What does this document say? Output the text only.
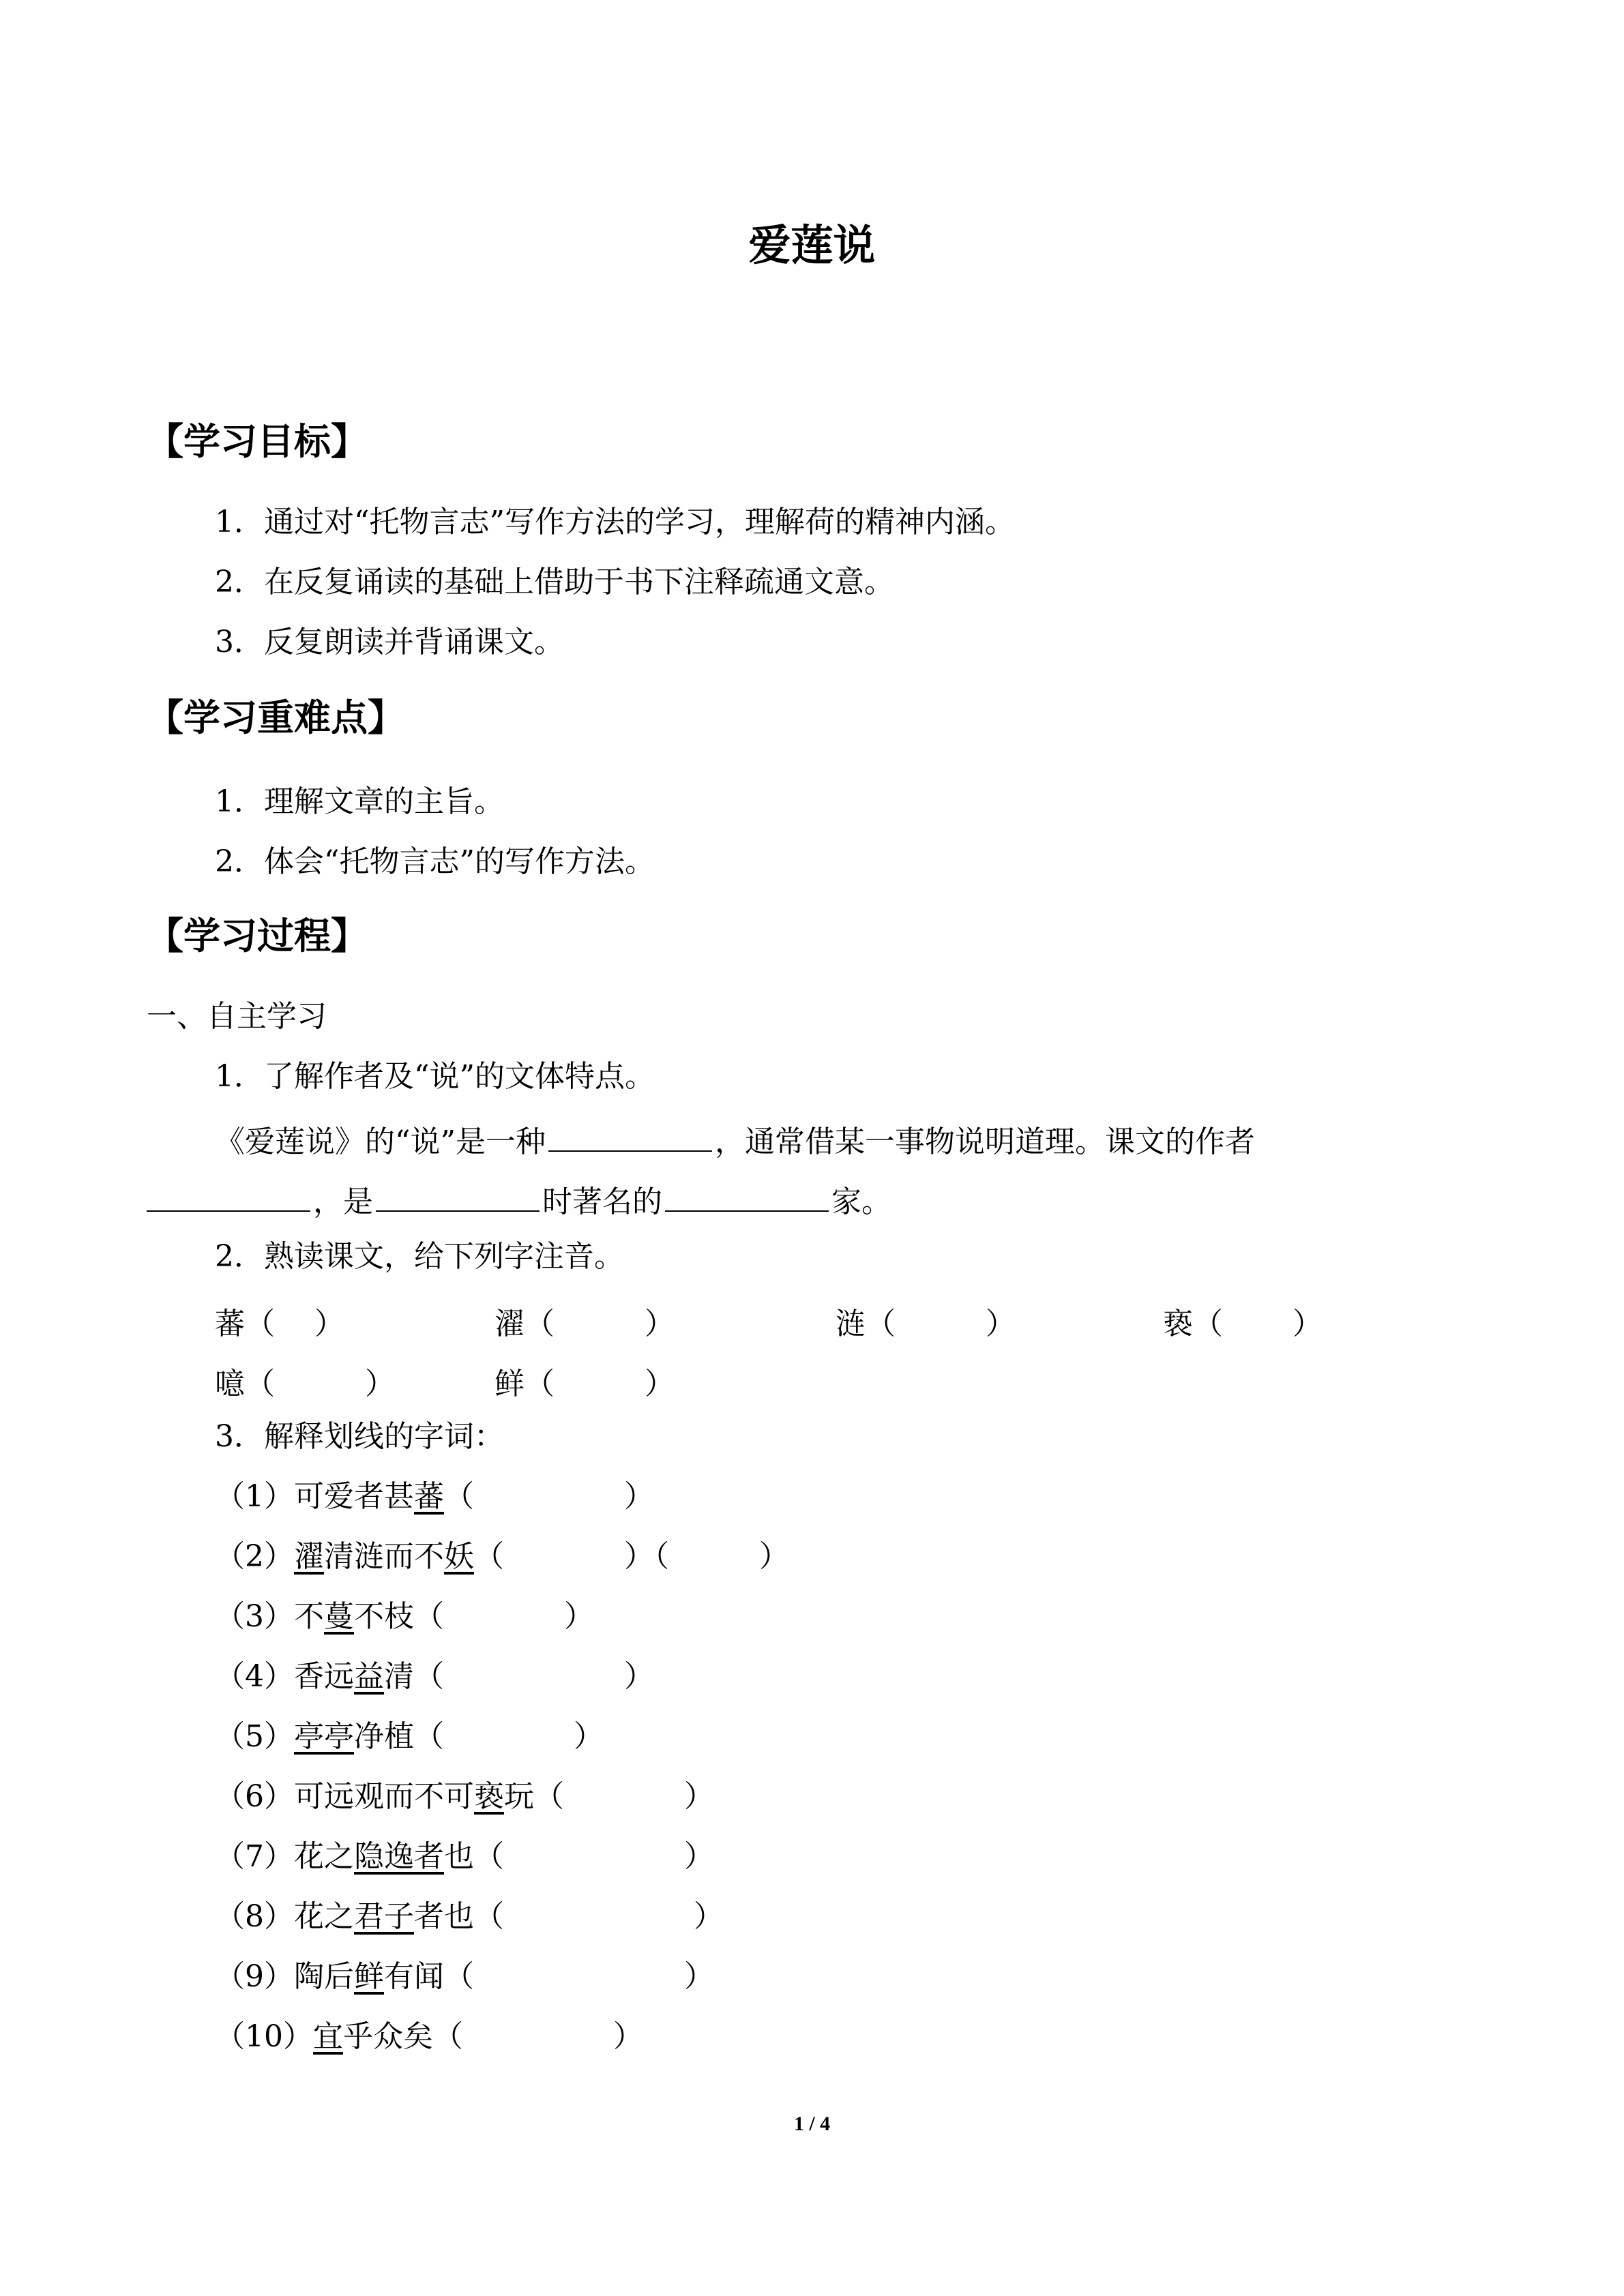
爱莲说
【学习目标】
1．通过对“托物言志”写作方法的学习，理解荷的精神内涵。
2．在反复诵读的基础上借助于书下注释疏通文意。
3．反复朗读并背诵课文。
【学习重难点】
1．理解文章的主旨。
2．体会“托物言志”的写作方法。
【学习过程】
一、自主学习
1．了解作者及“说”的文体特点。
《爱莲说》的“说”是一种	，通常借某一事物说明道理。课文的作者
，是	时著名的	家。
2．熟读课文，给下列字注音。
蕃（　 ）	濯（　　　）	涟（　　　）	亵（　　 ）
噫（　　　）	鲜（　　　）
3．解释划线的字词：
（1）可爱者甚蕃（　　　　　）
（2）濯清涟而不妖（　　　　）（　　　）
（3）不蔓不枝（　　　　）
（4）香远益清（　　　　　　）
（5）亭亭净植（　　　　 ）
（6）可远观而不可亵玩（　　　　）
（7）花之隐逸者也（　　　　　　）
（8）花之君子者也（　　　　　　 ）
（9）陶后鲜有闻（　　　　　　　）
（10）宜乎众矣（　　　　　）
1 / 4
